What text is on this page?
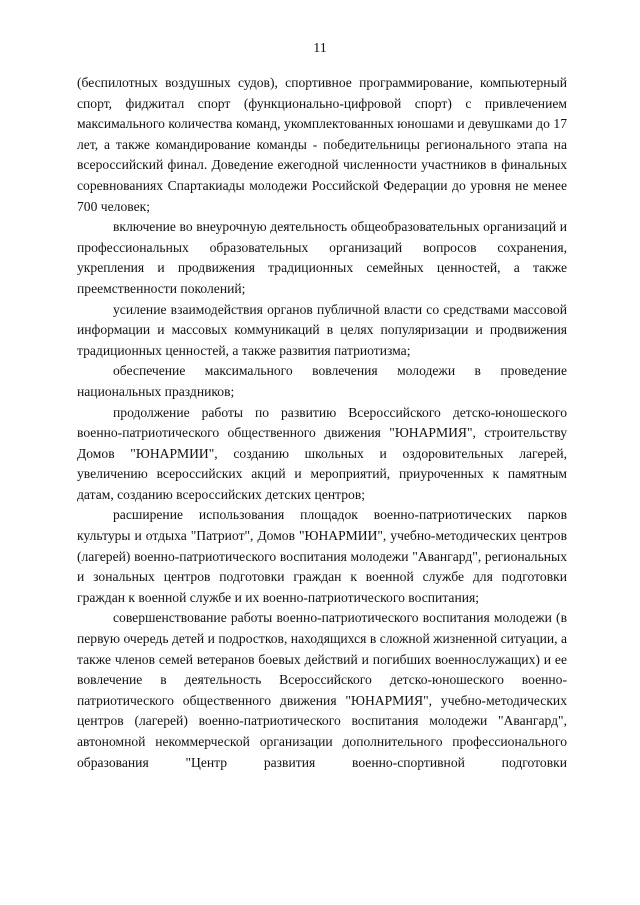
11

(беспилотных воздушных судов), спортивное программирование, компьютерный спорт, фиджитал спорт (функционально-цифровой спорт) с привлечением максимального количества команд, укомплектованных юношами и девушками до 17 лет, а также командирование команды - победительницы регионального этапа на всероссийский финал. Доведение ежегодной численности участников в финальных соревнованиях Спартакиады молодежи Российской Федерации до уровня не менее 700 человек;

включение во внеурочную деятельность общеобразовательных организаций и профессиональных образовательных организаций вопросов сохранения, укрепления и продвижения традиционных семейных ценностей, а также преемственности поколений;

усиление взаимодействия органов публичной власти со средствами массовой информации и массовых коммуникаций в целях популяризации и продвижения традиционных ценностей, а также развития патриотизма;

обеспечение максимального вовлечения молодежи в проведение национальных праздников;

продолжение работы по развитию Всероссийского детско-юношеского военно-патриотического общественного движения "ЮНАРМИЯ", строительству Домов "ЮНАРМИИ", созданию школьных и оздоровительных лагерей, увеличению всероссийских акций и мероприятий, приуроченных к памятным датам, созданию всероссийских детских центров;

расширение использования площадок военно-патриотических парков культуры и отдыха "Патриот", Домов "ЮНАРМИИ", учебно-методических центров (лагерей) военно-патриотического воспитания молодежи "Авангард", региональных и зональных центров подготовки граждан к военной службе для подготовки граждан к военной службе и их военно-патриотического воспитания;

совершенствование работы военно-патриотического воспитания молодежи (в первую очередь детей и подростков, находящихся в сложной жизненной ситуации, а также членов семей ветеранов боевых действий и погибших военнослужащих) и ее вовлечение в деятельность Всероссийского детско-юношеского военно-патриотического общественного движения "ЮНАРМИЯ", учебно-методических центров (лагерей) военно-патриотического воспитания молодежи "Авангард", автономной некоммерческой организации дополнительного профессионального образования "Центр развития военно-спортивной подготовки
